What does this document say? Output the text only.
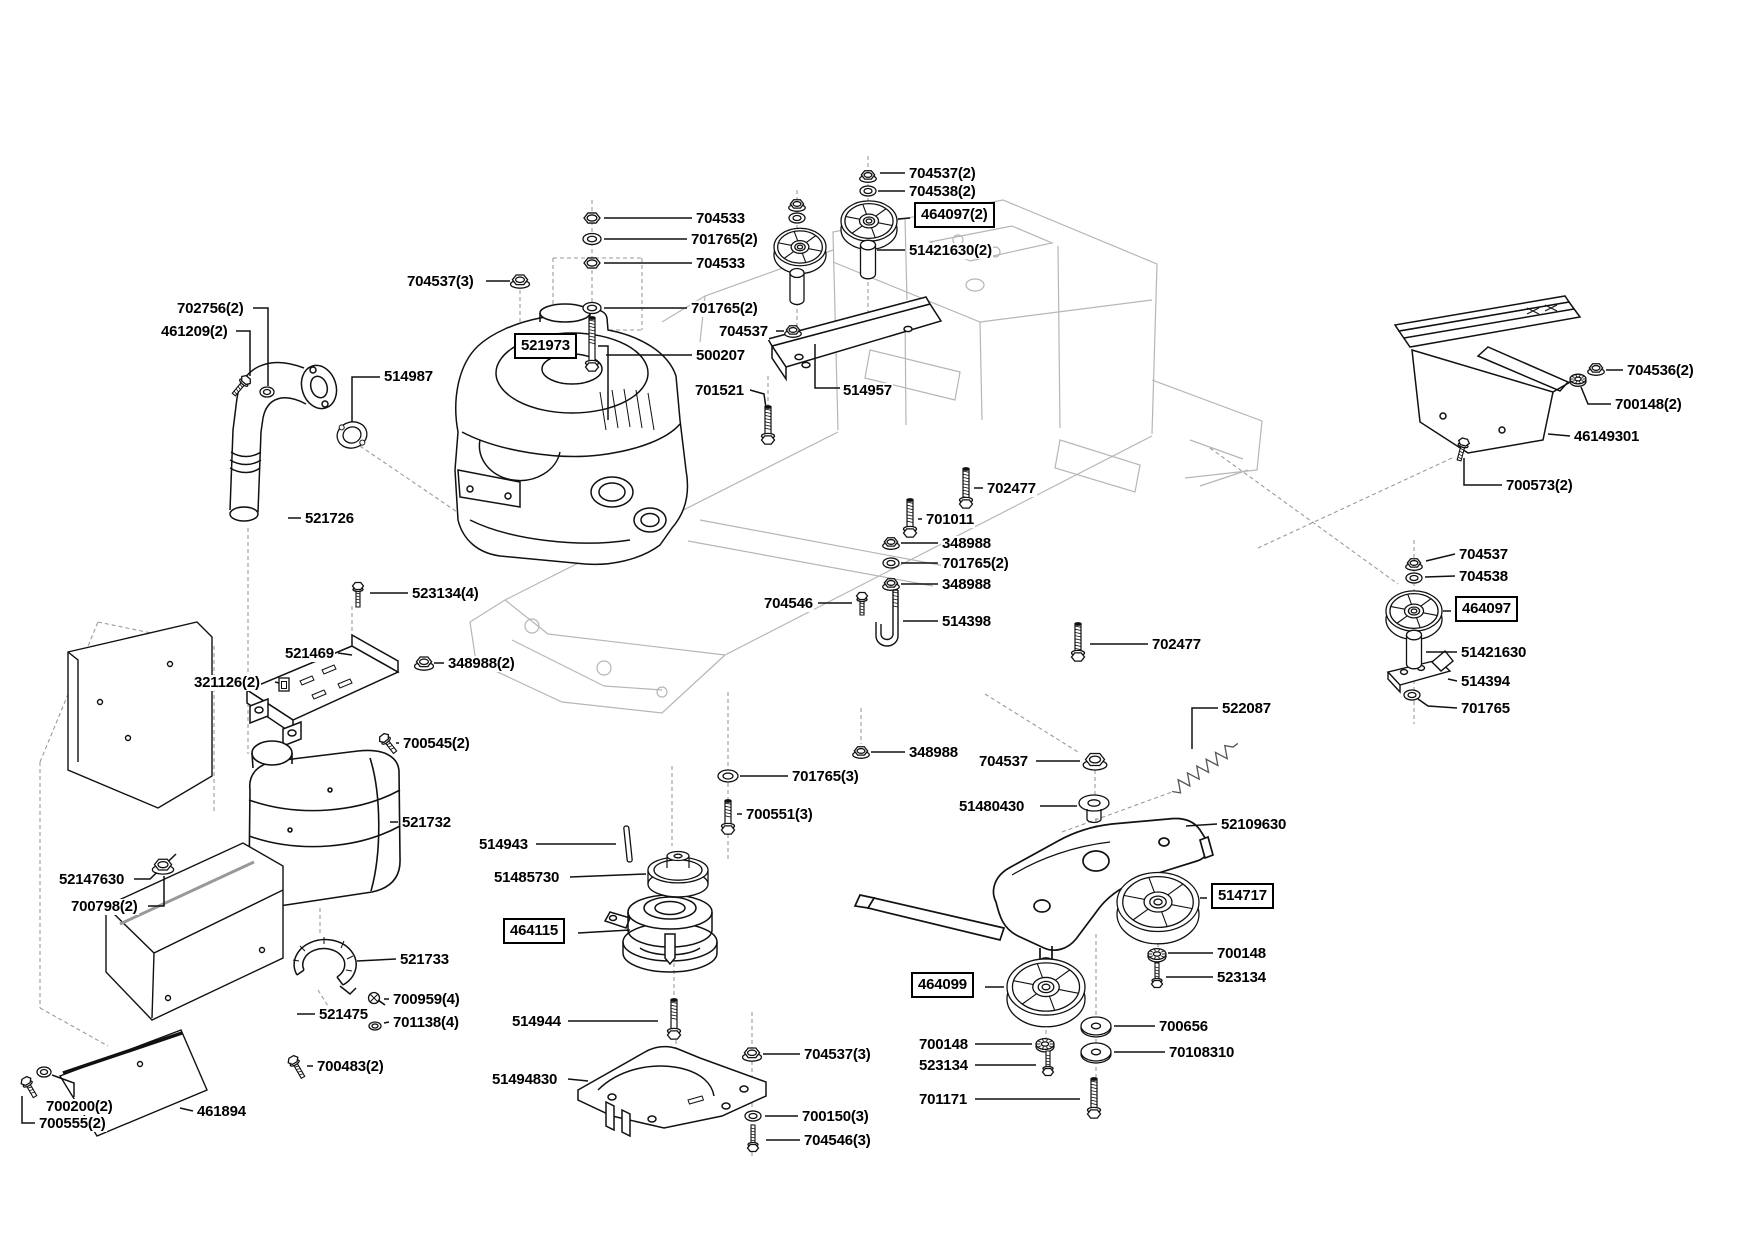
704533
701765(2)
704533
701765(2)
500207
704537(3)
704537(2)
704538(2)
464097(2)
51421630(2)
704537
514957
701521
521973
702756(2)
461209(2)
514987
521726
523134(4)
521469
348988(2)
321126(2)
700545(2)
52147630
700798(2)
521732
521733
700959(4)
701138(4)
521475
700483(2)
700200(2)
700555(2)
461894
702477
701011
348988
701765(2)
348988
704546
514398
702477
704536(2)
700148(2)
46149301
700573(2)
704537
704538
464097
51421630
514394
701765
348988
704537
701765(3)
700551(3)	51480430
522087
52109630
514717
700148
523134
464099
700148
523134
701171
700656
70108310
514943
51485730
464115
514944
51494830
704537(3)
700150(3)
704546(3)
